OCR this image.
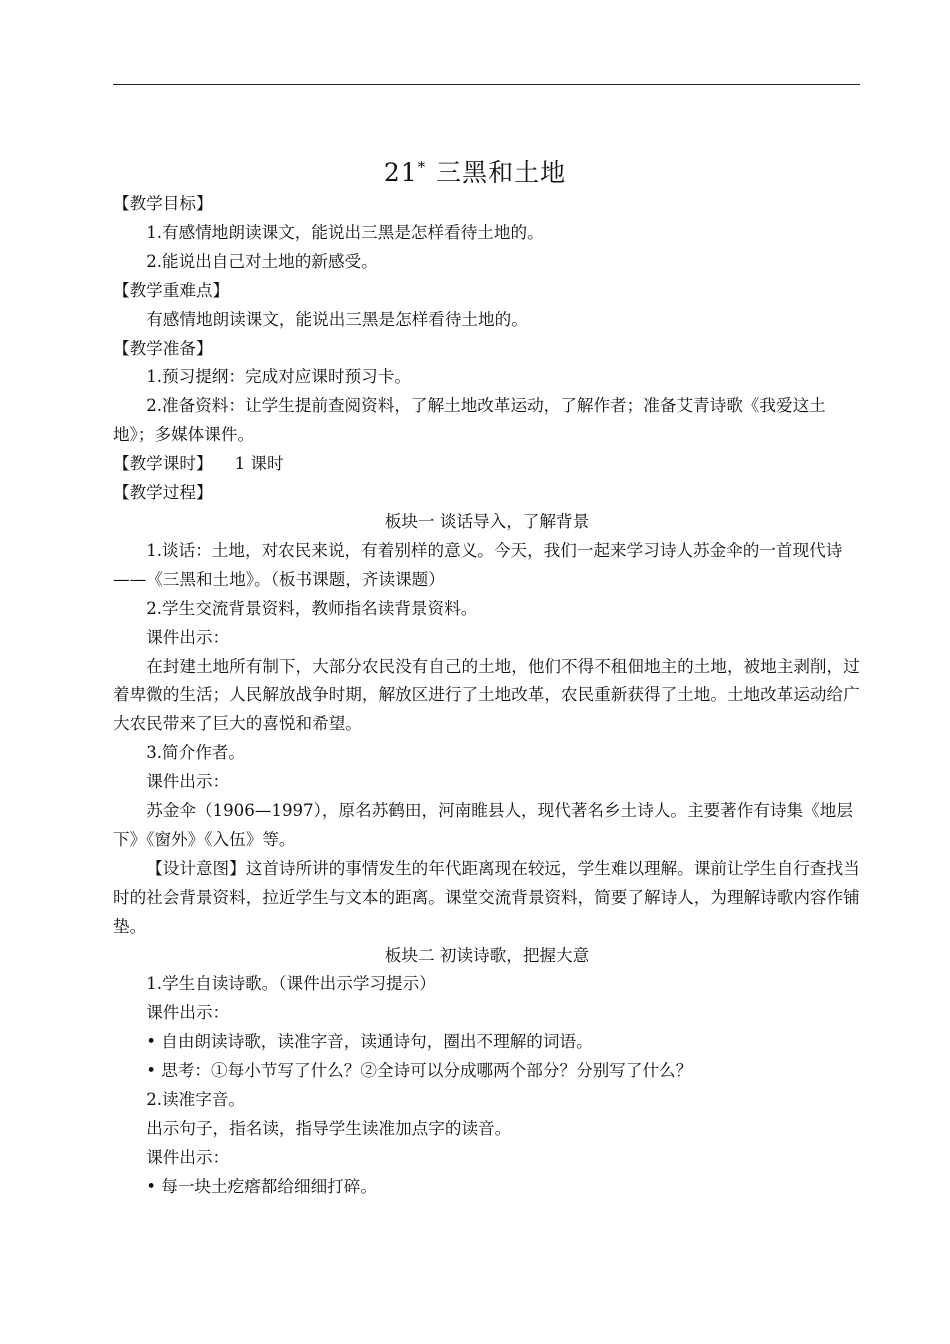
21* 三黑和土地

【教学目标】

1.有感情地朗读课文，能说出三黑是怎样看待土地的。

2.能说出自己对土地的新感受。

【教学重难点】

有感情地朗读课文，能说出三黑是怎样看待土地的。

【教学准备】

1.预习提纲：完成对应课时预习卡。

2.准备资料：让学生提前查阅资料，了解土地改革运动，了解作者；准备艾青诗歌《我爱这土地》；多媒体课件。

【教学课时】 1 课时

【教学过程】

板块一 谈话导入，了解背景

1.谈话：土地，对农民来说，有着别样的意义。今天，我们一起来学习诗人苏金伞的一首现代诗——《三黑和土地》。（板书课题，齐读课题）

2.学生交流背景资料，教师指名读背景资料。

课件出示：

在封建土地所有制下，大部分农民没有自己的土地，他们不得不租佃地主的土地，被地主剥削，过着卑微的生活；人民解放战争时期，解放区进行了土地改革，农民重新获得了土地。土地改革运动给广大农民带来了巨大的喜悦和希望。

3.简介作者。

课件出示：

苏金伞（1906—1997），原名苏鹤田，河南睢县人，现代著名乡土诗人。主要著作有诗集《地层下》《窗外》《入伍》等。

【设计意图】这首诗所讲的事情发生的年代距离现在较远，学生难以理解。课前让学生自行查找当时的社会背景资料，拉近学生与文本的距离。课堂交流背景资料，简要了解诗人，为理解诗歌内容作铺垫。

板块二 初读诗歌，把握大意

1.学生自读诗歌。（课件出示学习提示）

课件出示：

• 自由朗读诗歌，读准字音，读通诗句，圈出不理解的词语。

• 思考：①每小节写了什么？②全诗可以分成哪两个部分？分别写了什么？

2.读准字音。

出示句子，指名读，指导学生读准加点字的读音。

课件出示：

• 每一块土疙瘩都给细细打碎。
